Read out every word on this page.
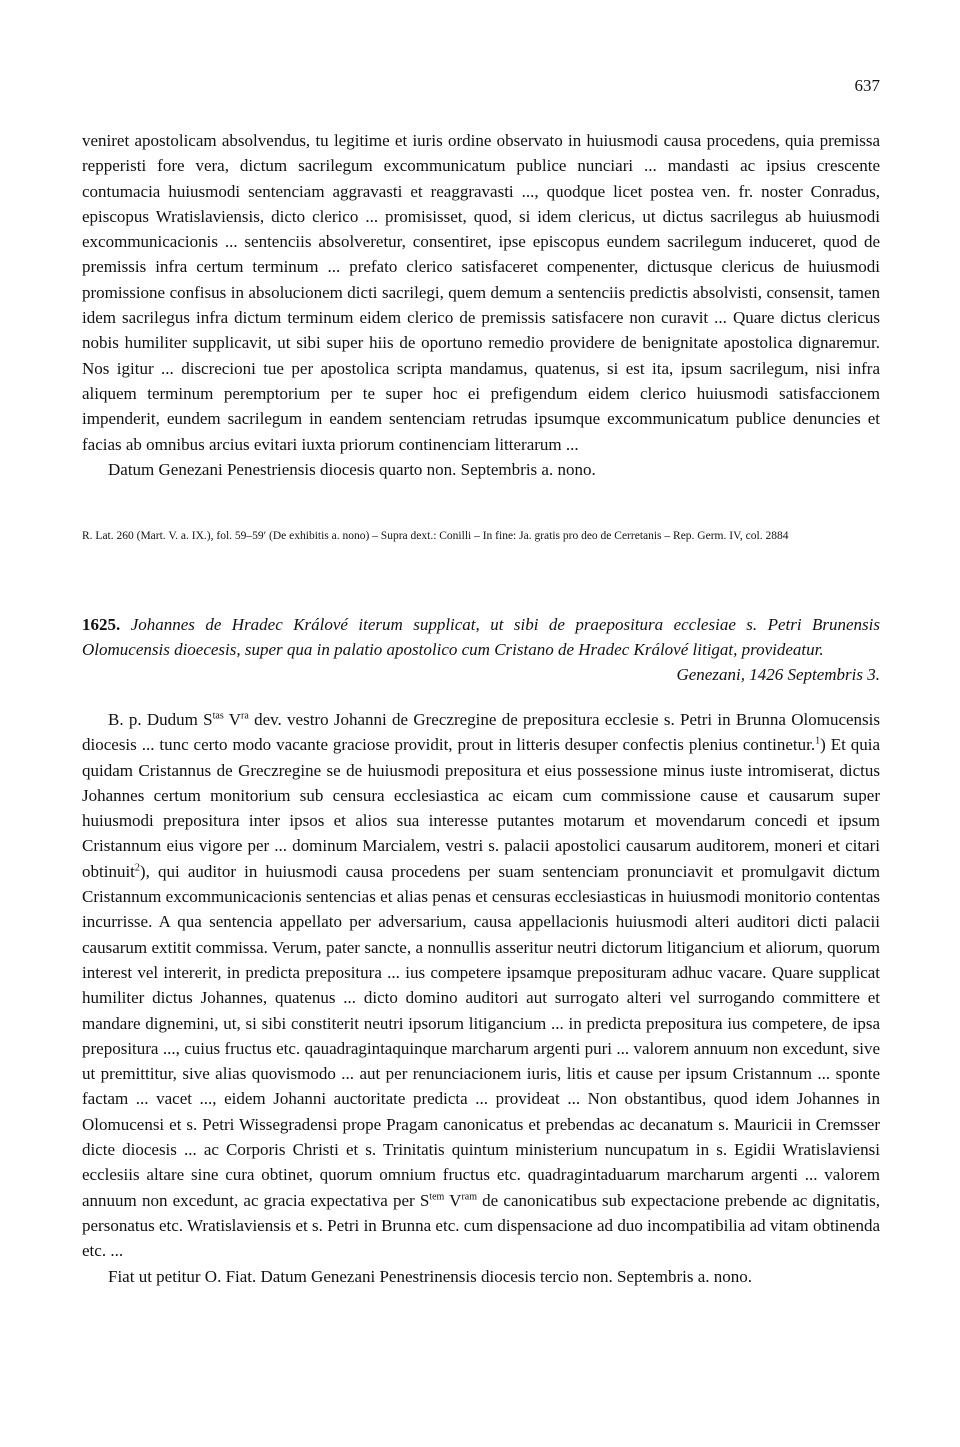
637

veniret apostolicam absolvendus, tu legitime et iuris ordine observato in huiusmodi causa procedens, quia premissa repperisti fore vera, dictum sacrilegum excommunicatum publice nunciari ... mandasti ac ipsius crescente contumacia huiusmodi sentenciam aggravasti et reaggravasti ..., quodque licet postea ven. fr. noster Conradus, episcopus Wratislaviensis, dicto clerico ... promisisset, quod, si idem clericus, ut dictus sacrilegus ab huiusmodi excommunicacionis ... sentenciis absolveretur, consentiret, ipse episcopus eundem sacrilegum induceret, quod de premissis infra certum terminum ... prefato clerico satisfaceret compenenter, dictusque clericus de huiusmodi promissione confisus in absolucionem dicti sacrilegi, quem demum a sentenciis predictis absolvisti, consensit, tamen idem sacrilegus infra dictum terminum eidem clerico de premissis satisfacere non curavit ... Quare dictus clericus nobis humiliter supplicavit, ut sibi super hiis de oportuno remedio providere de benignitate apostolica dignaremur. Nos igitur ... discrecioni tue per apostolica scripta mandamus, quatenus, si est ita, ipsum sacrilegum, nisi infra aliquem terminum peremptorium per te super hoc ei prefigendum eidem clerico huiusmodi satisfaccionem impenderit, eundem sacrilegum in eandem sentenciam retrudas ipsumque excommunicatum publice denuncies et facias ab omnibus arcius evitari iuxta priorum continenciam litterarum ...

Datum Genezani Penestriensis diocesis quarto non. Septembris a. nono.

R. Lat. 260 (Mart. V. a. IX.), fol. 59–59′ (De exhibitis a. nono) – Supra dext.: Conilli – In fine: Ja. gratis pro deo de Cerretanis – Rep. Germ. IV, col. 2884
1625. Johannes de Hradec Králové iterum supplicat, ut sibi de praepositura ecclesiae s. Petri Brunensis Olomucensis dioecesis, super qua in palatio apostolico cum Cristano de Hradec Králové litigat, provideatur.
Genezani, 1426 Septembris 3.

B. p. Dudum $S^{tas}$ $V^{ra}$ dev. vestro Johanni de Greczregine de prepositura ecclesie s. Petri in Brunna Olomucensis diocesis ... tunc certo modo vacante graciose providit, prout in litteris desuper confectis plenius continetur.$^1$) Et quia quidam Cristannus de Greczregine se de huiusmodi prepositura et eius possessione minus iuste intromiserat, dictus Johannes certum monitorium sub censura ecclesiastica ac eicam cum commissione cause et causarum super huiusmodi prepositura inter ipsos et alios sua interesse putantes motarum et movendarum concedi et ipsum Cristannum eius vigore per ... dominum Marcialem, vestri s. palacii apostolici causarum auditorem, moneri et citari obtinuit$^2$), qui auditor in huiusmodi causa procedens per suam sentenciam pronunciavit et promulgavit dictum Cristannum excommunicacionis sentencias et alias penas et censuras ecclesiasticas in huiusmodi monitorio contentas incurrisse. A qua sentencia appellato per adversarium, causa appellacionis huiusmodi alteri auditori dicti palacii causarum extitit commissa. Verum, pater sancte, a nonnullis asseritur neutri dictorum litigancium et aliorum, quorum interest vel intererit, in predicta prepositura ... ius competere ipsamque preposituram adhuc vacare. Quare supplicat humiliter dictus Johannes, quatenus ... dicto domino auditori aut surrogato alteri vel surrogando committere et mandare dignemini, ut, si sibi constiterit neutri ipsorum litigancium ... in predicta prepositura ius competere, de ipsa prepositura ..., cuius fructus etc. qauadragintaquinque marcharum argenti puri ... valorem annuum non excedunt, sive ut premittitur, sive alias quovismodo ... aut per renunciacionem iuris, litis et cause per ipsum Cristannum ... sponte factam ... vacet ..., eidem Johanni auctoritate predicta ... provideat ... Non obstantibus, quod idem Johannes in Olomucensi et s. Petri Wissegradensi prope Pragam canonicatus et prebendas ac decanatum s. Mauricii in Cremsser dicte diocesis ... ac Corporis Christi et s. Trinitatis quintum ministerium nuncupatum in s. Egidii Wratislaviensi ecclesiis altare sine cura obtinet, quorum omnium fructus etc. quadragintaduarum marcharum argenti ... valorem annuum non excedunt, ac gracia expectativa per $S^{tem}$ $V^{ram}$ de canonicatibus sub expectacione prebende ac dignitatis, personatus etc. Wratislaviensis et s. Petri in Brunna etc. cum dispensacione ad duo incompatibilia ad vitam obtinenda etc. ...

Fiat ut petitur O. Fiat. Datum Genezani Penestrinensis diocesis tercio non. Septembris a. nono.
